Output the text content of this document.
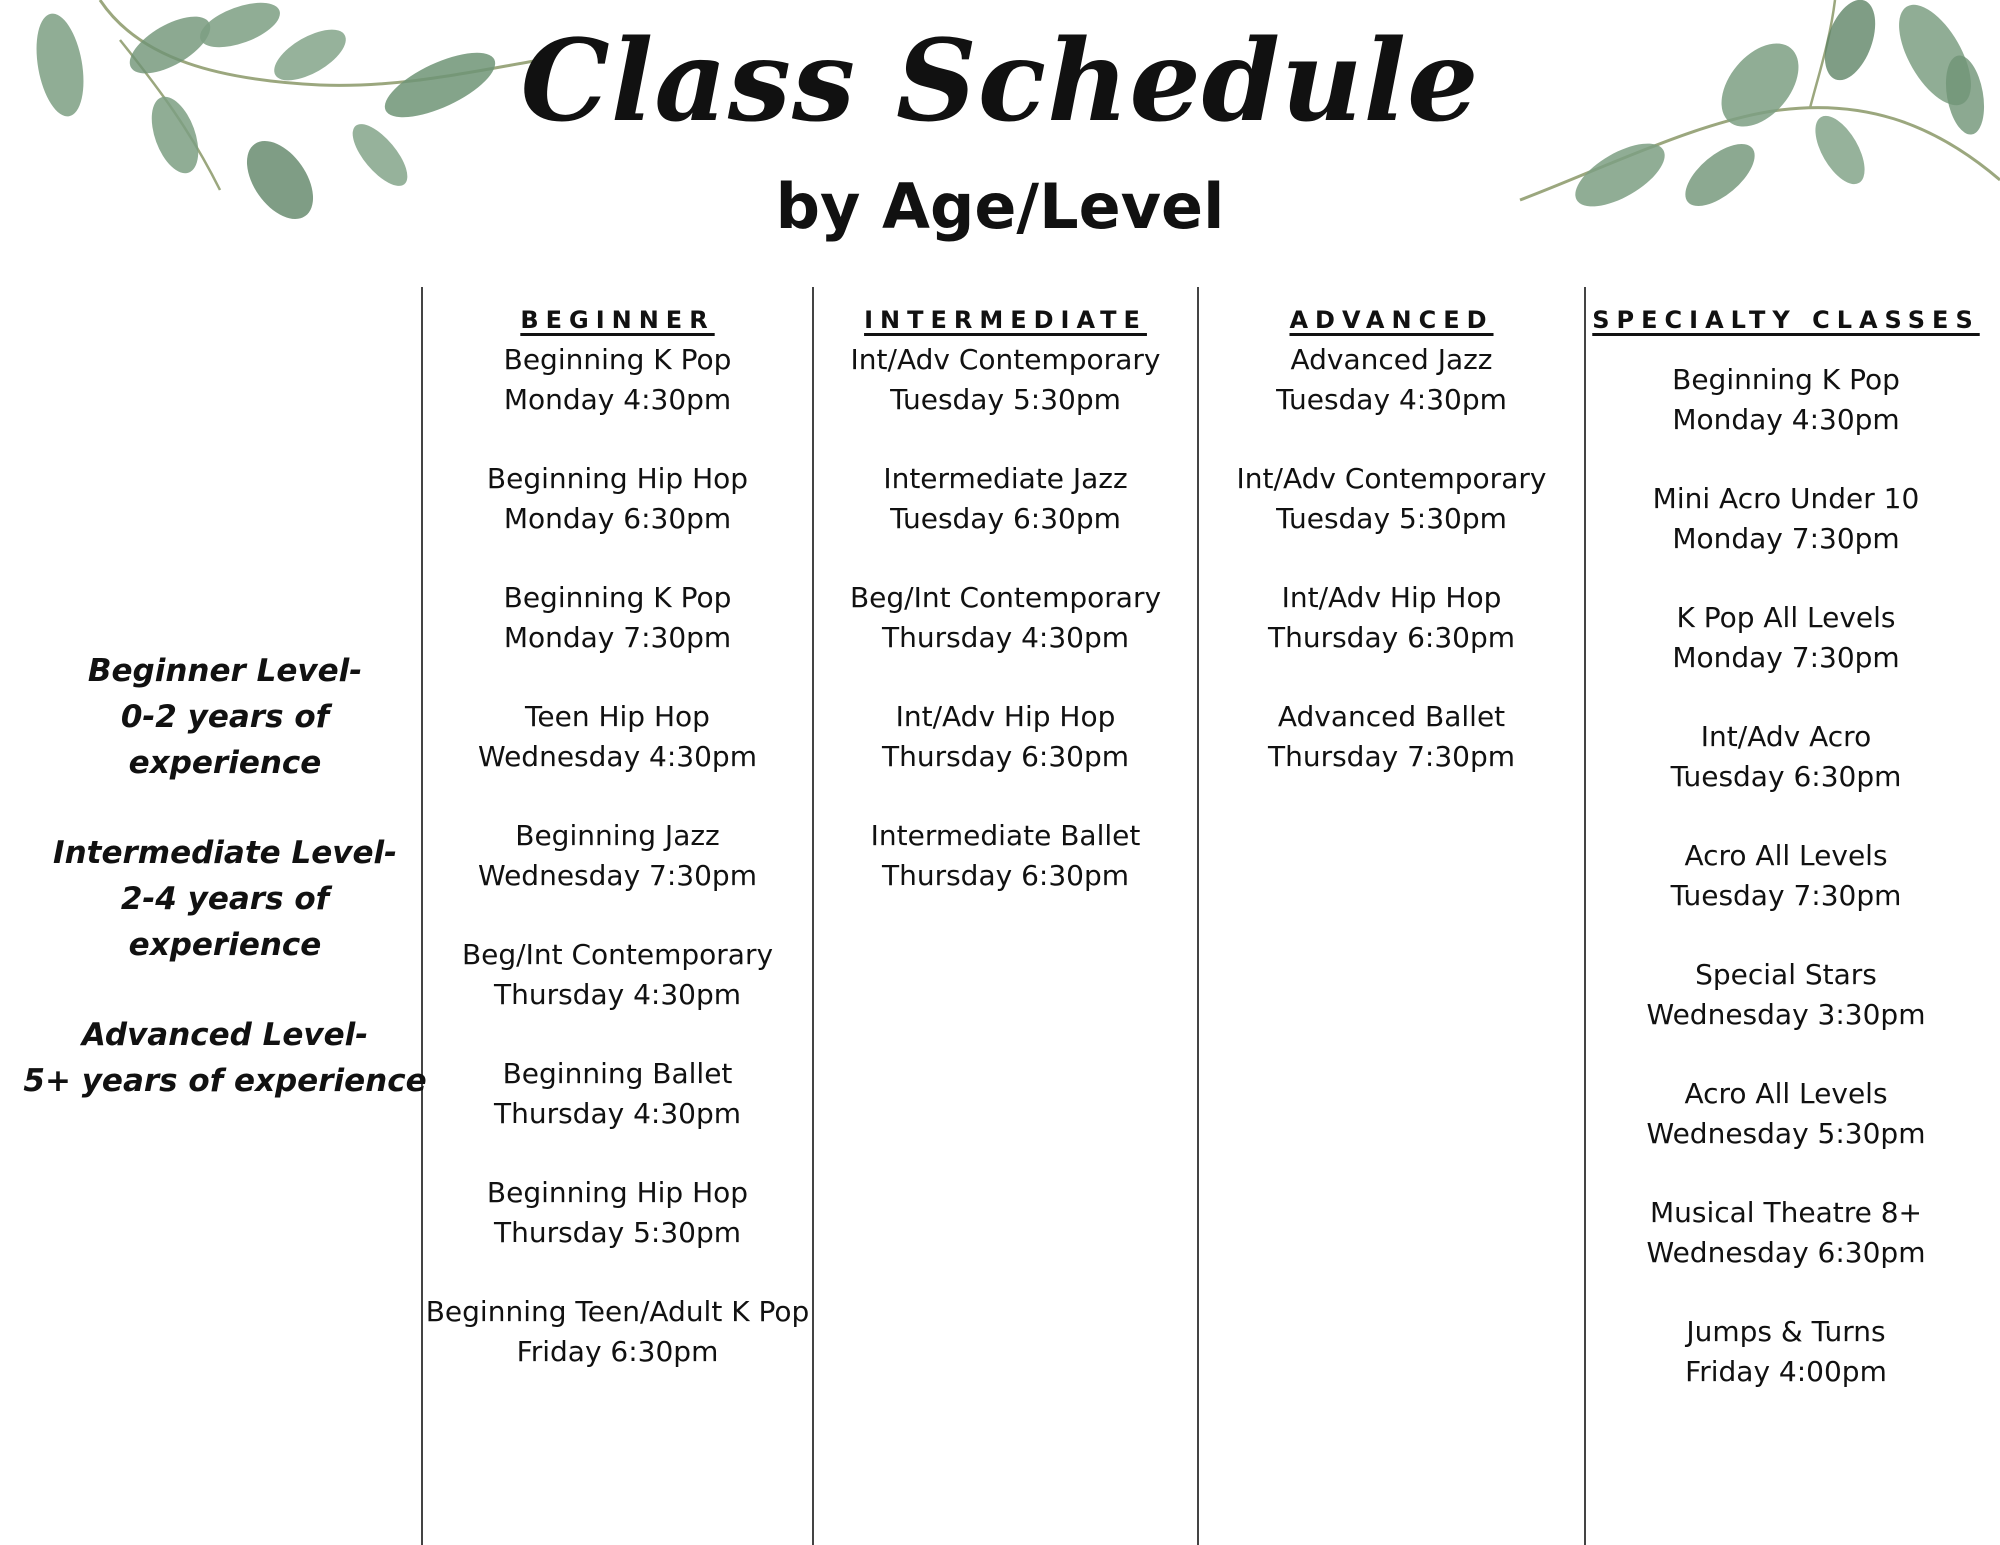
Class Schedule
by Age/Level
Beginner Level-
0-2 years of experience
Intermediate Level-
2-4 years of experience
Advanced Level-
5+ years of experience
BEGINNER
Beginning K Pop
Monday 4:30pm
Beginning Hip Hop
Monday 6:30pm
Beginning K Pop
Monday 7:30pm
Teen Hip Hop
Wednesday 4:30pm
Beginning Jazz
Wednesday 7:30pm
Beg/Int Contemporary
Thursday 4:30pm
Beginning Ballet
Thursday 4:30pm
Beginning Hip Hop
Thursday 5:30pm
Beginning Teen/Adult K Pop
Friday 6:30pm
INTERMEDIATE
Int/Adv Contemporary
Tuesday 5:30pm
Intermediate Jazz
Tuesday 6:30pm
Beg/Int Contemporary
Thursday 4:30pm
Int/Adv Hip Hop
Thursday 6:30pm
Intermediate Ballet
Thursday 6:30pm
ADVANCED
Advanced Jazz
Tuesday 4:30pm
Int/Adv Contemporary
Tuesday 5:30pm
Int/Adv Hip Hop
Thursday 6:30pm
Advanced Ballet
Thursday 7:30pm
SPECIALTY CLASSES
Beginning K Pop
Monday 4:30pm
Mini Acro Under 10
Monday 7:30pm
K Pop All Levels
Monday 7:30pm
Int/Adv Acro
Tuesday 6:30pm
Acro All Levels
Tuesday 7:30pm
Special Stars
Wednesday 3:30pm
Acro All Levels
Wednesday 5:30pm
Musical Theatre 8+
Wednesday 6:30pm
Jumps & Turns
Friday 4:00pm
